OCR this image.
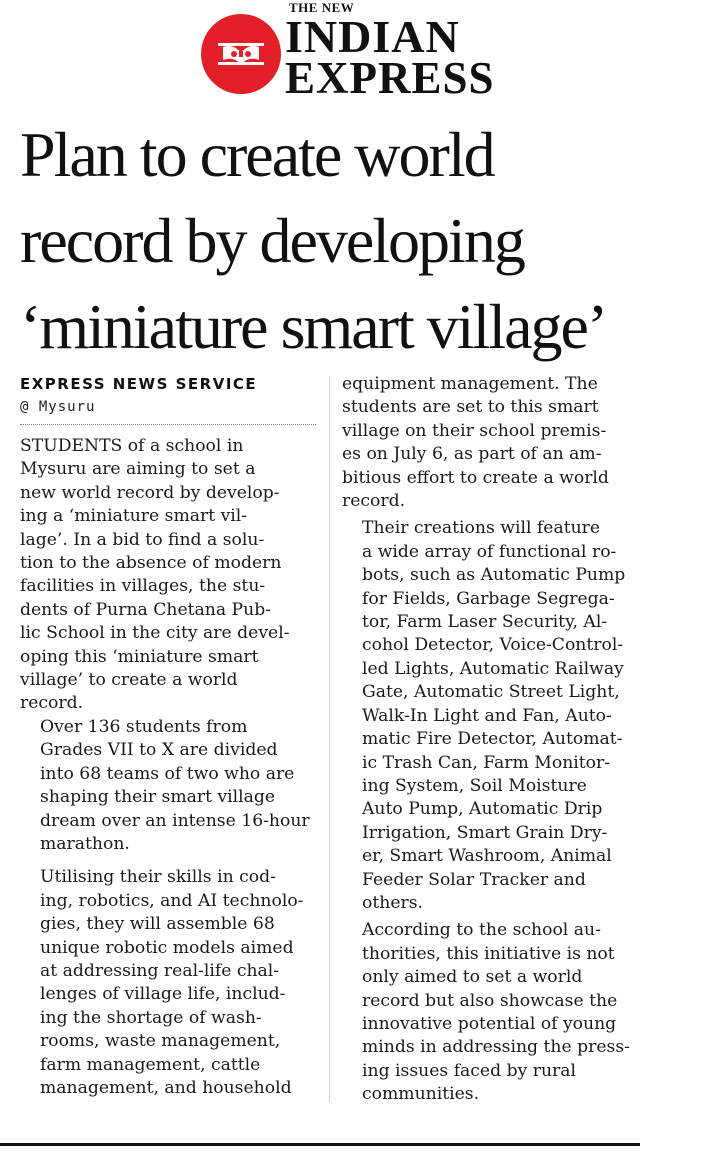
THE NEW
INDIAN
EXPRESS
Plan to create world
record by developing
‘miniature smart village’

EXPRESS NEWS SERVICE

@ Mysuru

STUDENTS of a school in
Mysuru are aiming to set a
new world record by develop-
ing a ‘miniature smart vil-
lage’. In a bid to find a solu-
tion to the absence of modern
facilities in villages, the stu-
dents of Purna Chetana Pub-
lic School in the city are devel-
oping this ‘miniature smart
village’ to create a world
record.

Over 136 students from
Grades VII to X are divided
into 68 teams of two who are
shaping their smart village
dream over an intense 16-hour
marathon.

Utilising their skills in cod-
ing, robotics, and AI technolo-
gies, they will assemble 68
unique robotic models aimed
at addressing real-life chal-
lenges of village life, includ-
ing the shortage of wash-
rooms, waste management,
farm management, cattle
management, and household

equipment management. The
students are set to this smart
village on their school premis-
es on July 6, as part of an am-
bitious effort to create a world
record.

Their creations will feature
a wide array of functional ro-
bots, such as Automatic Pump
for Fields, Garbage Segrega-
tor, Farm Laser Security, Al-
cohol Detector, Voice-Control-
led Lights, Automatic Railway
Gate, Automatic Street Light,
Walk-In Light and Fan, Auto-
matic Fire Detector, Automat-
ic Trash Can, Farm Monitor-
ing System, Soil Moisture
Auto Pump, Automatic Drip
Irrigation, Smart Grain Dry-
er, Smart Washroom, Animal
Feeder Solar Tracker and
others.

According to the school au-
thorities, this initiative is not
only aimed to set a world
record but also showcase the
innovative potential of young
minds in addressing the press-
ing issues faced by rural
communities.
